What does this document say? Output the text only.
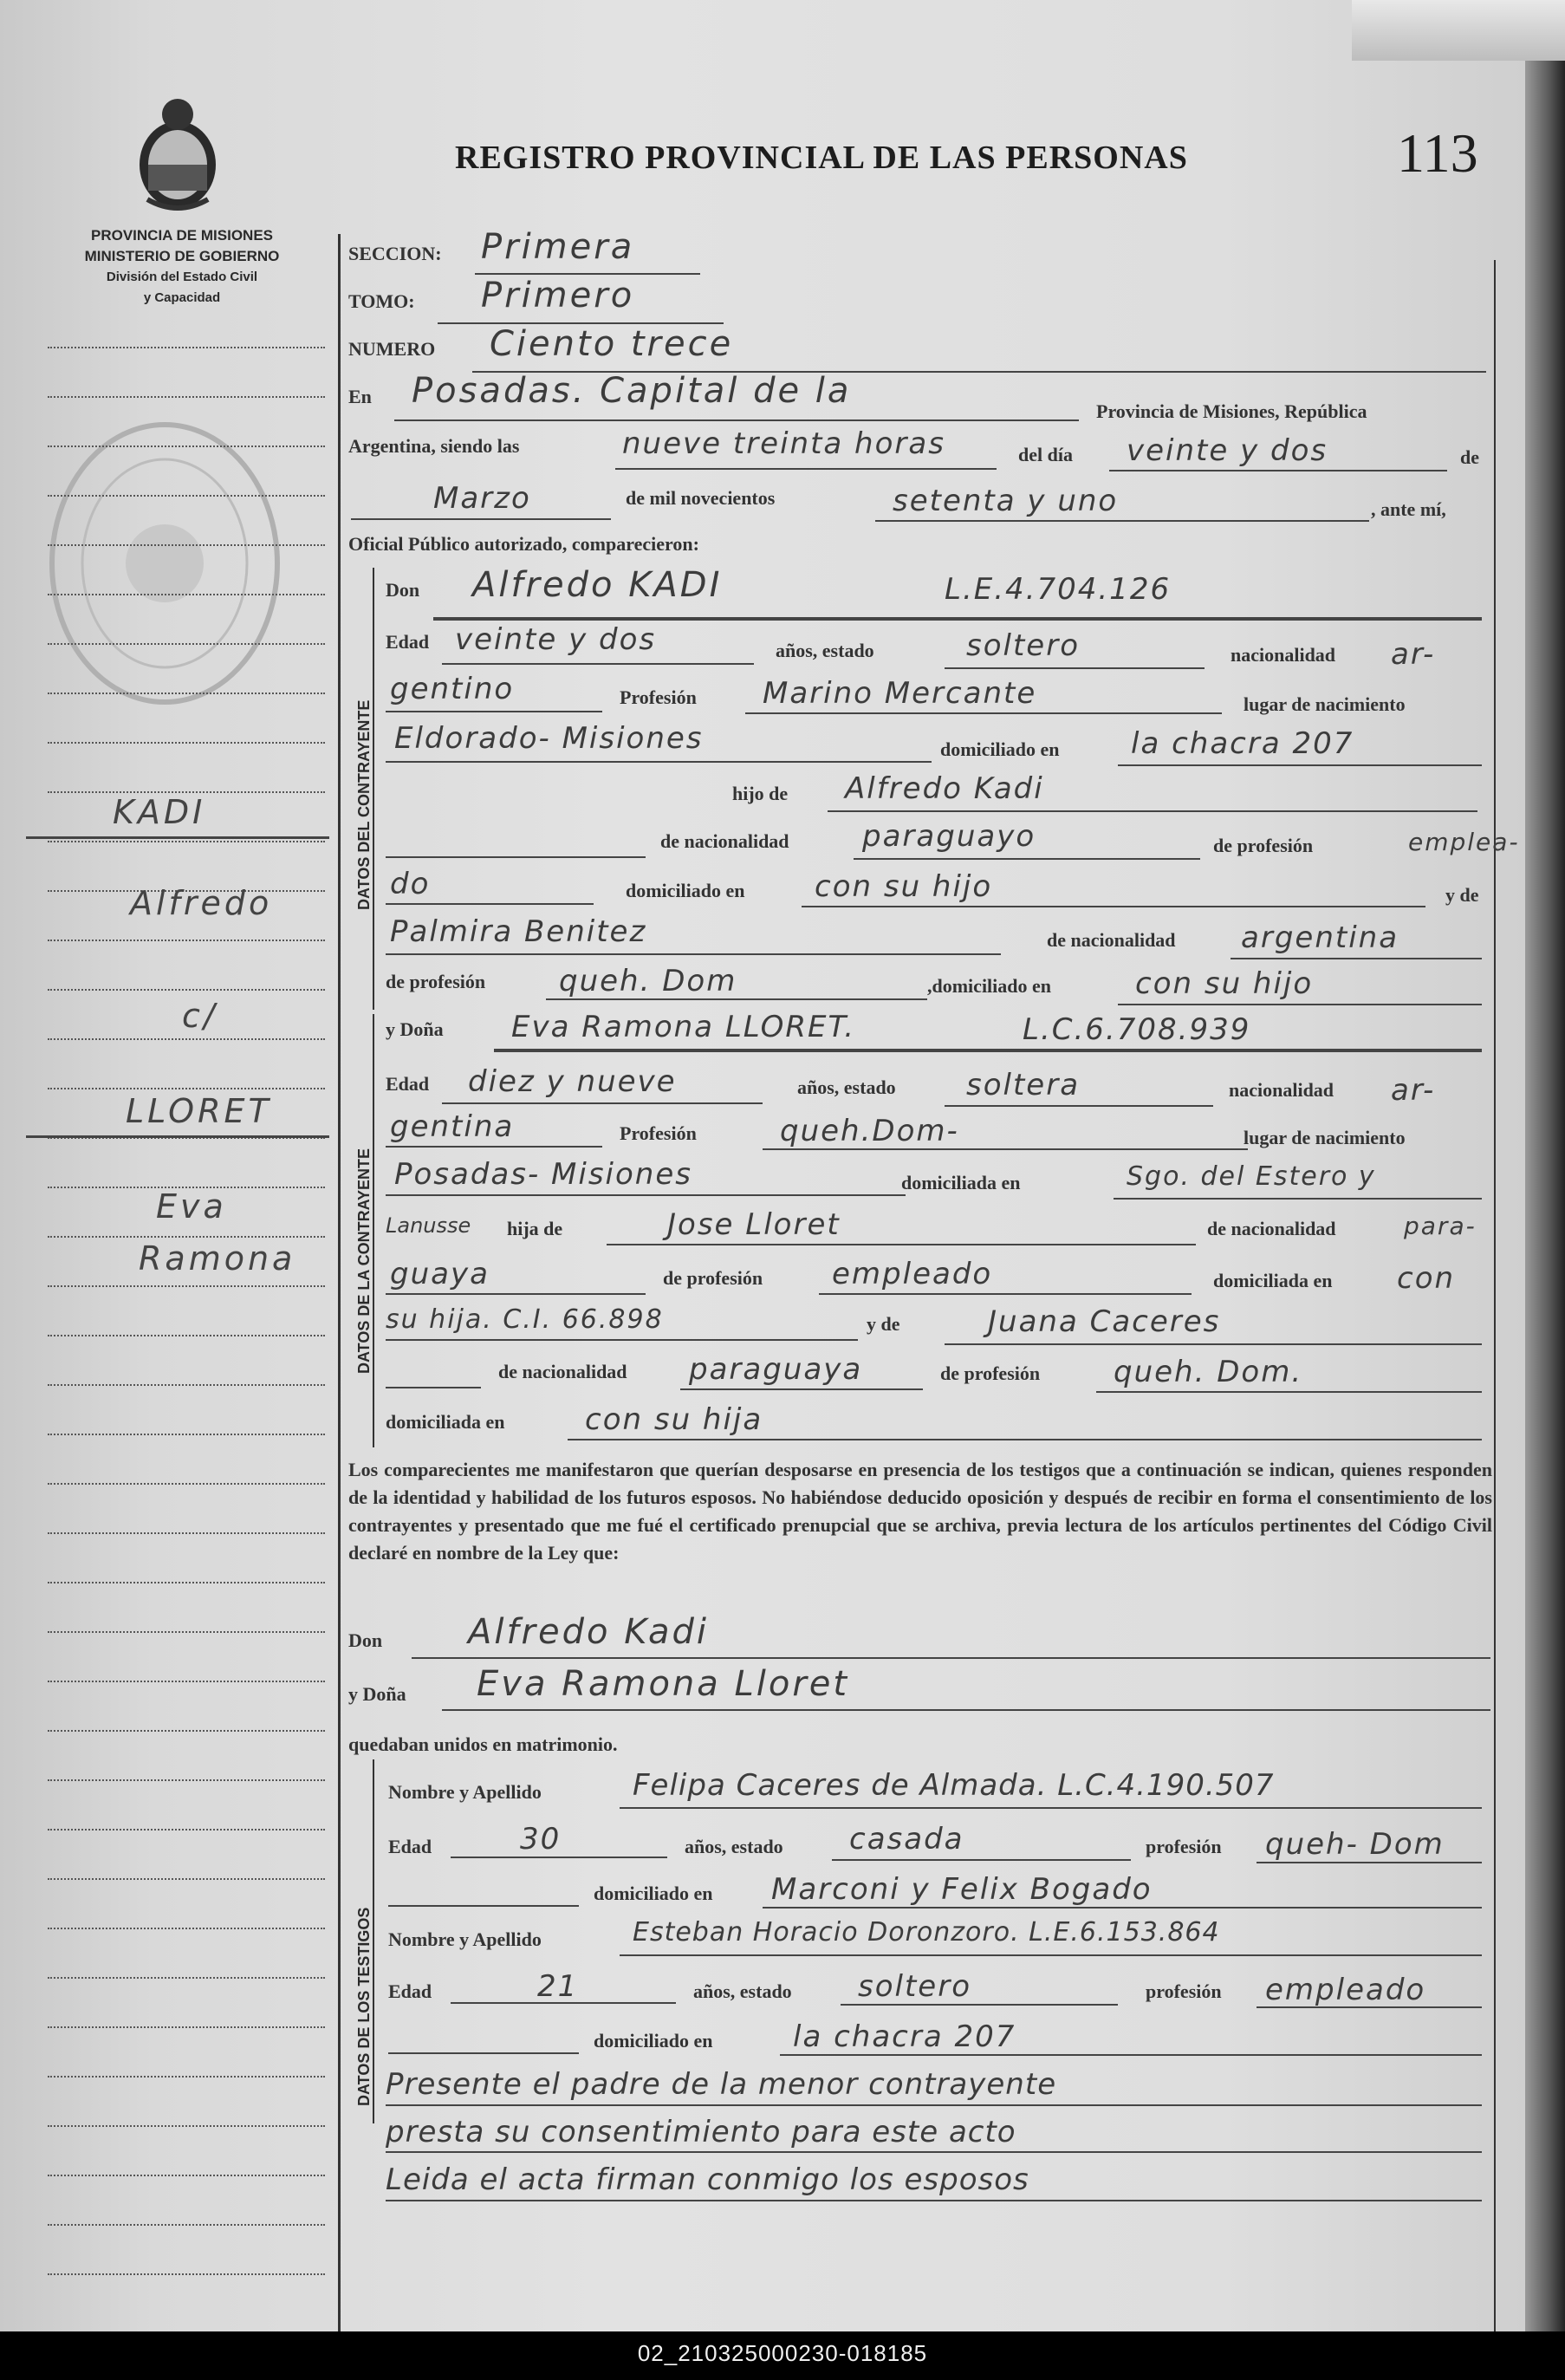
PROVINCIA DE MISIONES
MINISTERIO DE GOBIERNO
División del Estado Civil
y Capacidad
REGISTRO PROVINCIAL DE LAS PERSONAS	113
KADI
Alfredo
c/
LLORET
Eva
Ramona
SECCION: Primera
TOMO: Primero
NUMERO Ciento trece
En Posadas. Capital de la
Provincia de Misiones, República
Argentina, siendo las	nueve treinta horas	del día veinte y dos	de
Marzo	de mil novecientos	setenta y uno	, ante mí,
Oficial Público autorizado, comparecieron:
DATOS DEL CONTRAYENTE
Don Alfredo KADI	L.E.4.704.126
Edad veinte y dos	años, estado	soltero	nacionalidad ar-
gentino	Profesión Marino Mercante	lugar de nacimiento
Eldorado- Misiones	domiciliado en la chacra 207
hijo de Alfredo Kadi
de nacionalidad paraguayo	de profesión	emplea-
do	domiciliado en con su hijo	y de
Palmira Benitez	de nacionalidad argentina
de profesión queh. Dom	,domiciliado en	con su hijo
DATOS DE LA CONTRAYENTE
y Doña Eva Ramona LLORET.	L.C.6.708.939
Edad diez y nueve	años, estado soltera	nacionalidad ar-
gentina	Profesión	queh.Dom-	lugar de nacimiento
Posadas- Misiones	domiciliada en	Sgo. del Estero y
Lanusse hija de	Jose Lloret	de nacionalidad	para-
guaya	de profesión empleado	domiciliada en con
su hija. C.I. 66.898	y de	Juana Caceres
de nacionalidad paraguaya	de profesión queh. Dom.
domiciliada en	con su hija
Los comparecientes me manifestaron que querían desposarse en presencia de los testigos que a continuación se indican, quienes responden de la identidad y habilidad de los futuros esposos. No habiéndose deducido oposición y después de recibir en forma el consentimiento de los contrayentes y presentado que me fué el certificado prenupcial que se archiva, previa lectura de los artículos pertinentes del Código Civil declaré en nombre de la Ley que:
Don Alfredo Kadi
y Doña Eva Ramona Lloret
quedaban unidos en matrimonio.
DATOS DE LOS TESTIGOS
Nombre y Apellido	Felipa Caceres de Almada. L.C.4.190.507
Edad	30	años, estado casada	profesión queh- Dom
domiciliado en Marconi y Felix Bogado
Nombre y Apellido	Esteban Horacio Doronzoro. L.E.6.153.864
Edad	21	años, estado soltero	profesión empleado
domiciliado en	la chacra 207
Presente el padre de la menor contrayente
presta su consentimiento para este acto
Leida el acta firman conmigo los esposos
02_210325000230-018185
